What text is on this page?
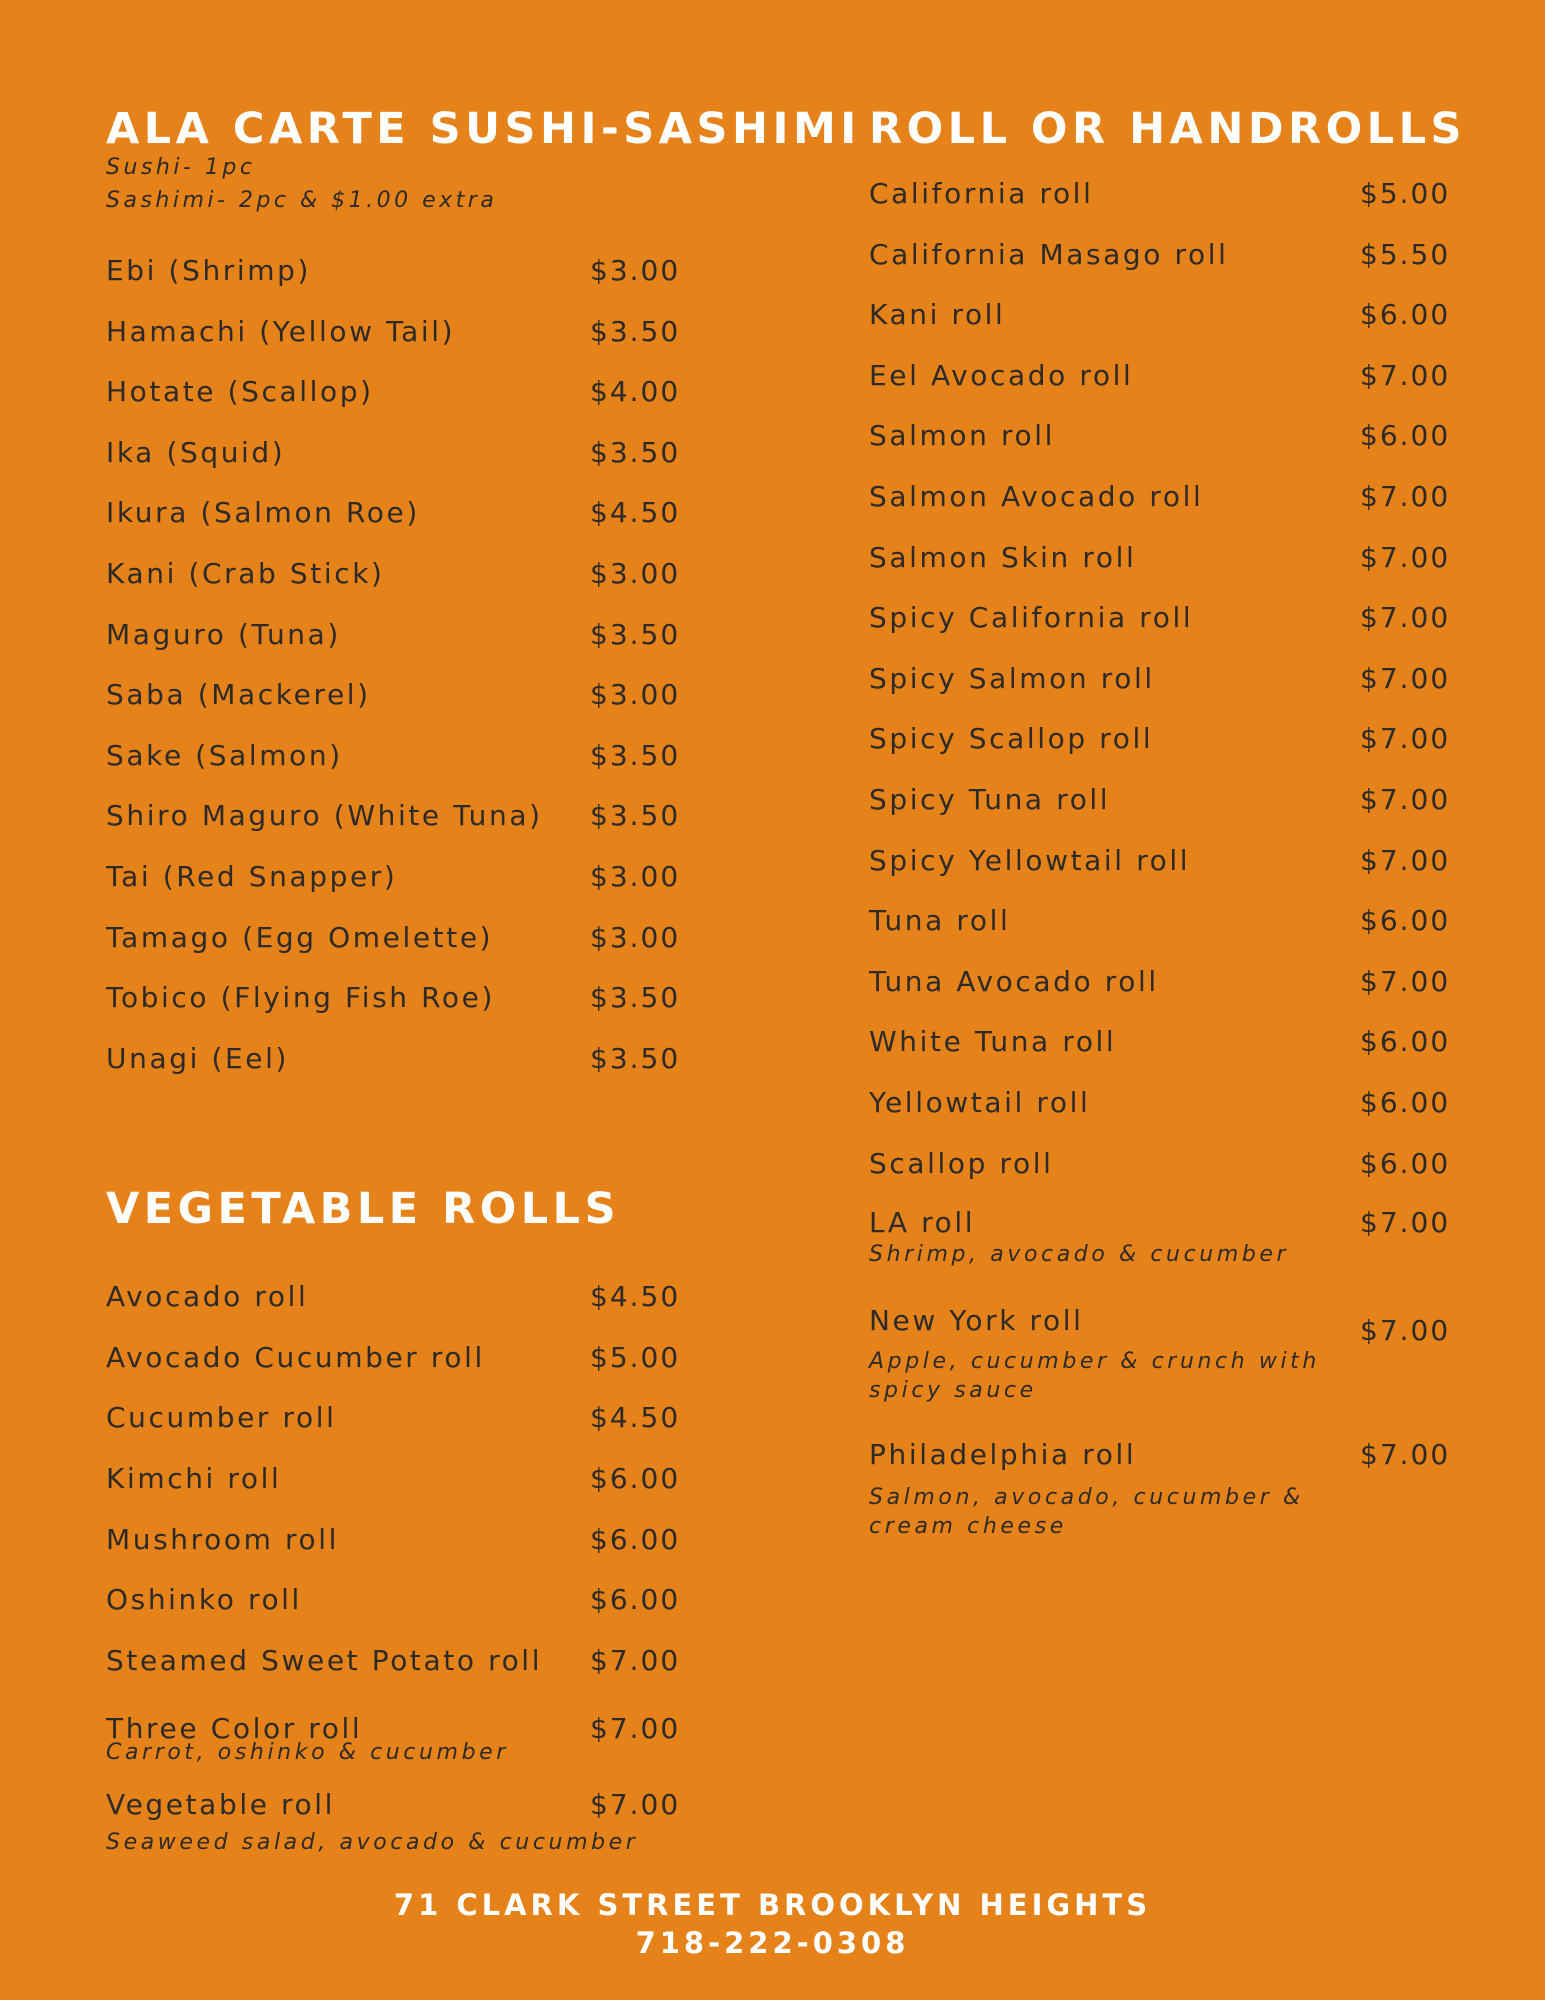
ALA CARTE SUSHI-SASHIMI
Sushi- 1pc
Sashimi- 2pc & $1.00 extra
Ebi (Shrimp)	$3.00
Hamachi (Yellow Tail)	$3.50
Hotate (Scallop)	$4.00
Ika (Squid)	$3.50
Ikura (Salmon Roe)	$4.50
Kani (Crab Stick)	$3.00
Maguro (Tuna)	$3.50
Saba (Mackerel)	$3.00
Sake (Salmon)	$3.50
Shiro Maguro (White Tuna) $3.50
Tai (Red Snapper)	$3.00
Tamago (Egg Omelette)	$3.00
Tobico (Flying Fish Roe)	$3.50
Unagi (Eel)	$3.50
VEGETABLE ROLLS
Avocado roll	$4.50
Avocado Cucumber roll	$5.00
Cucumber roll	$4.50
Kimchi roll	$6.00
Mushroom roll	$6.00
Oshinko roll	$6.00
Steamed Sweet Potato roll $7.00
Three Color roll	$7.00
Carrot, oshinko & cucumber
Vegetable roll	$7.00
Seaweed salad, avocado & cucumber
ROLL OR HANDROLLS
California roll	$5.00
California Masago roll	$5.50
Kani roll	$6.00
Eel Avocado roll	$7.00
Salmon roll	$6.00
Salmon Avocado roll	$7.00
Salmon Skin roll	$7.00
Spicy California roll	$7.00
Spicy Salmon roll	$7.00
Spicy Scallop roll	$7.00
Spicy Tuna roll	$7.00
Spicy Yellowtail roll	$7.00
Tuna roll	$6.00
Tuna Avocado roll	$7.00
White Tuna roll	$6.00
Yellowtail roll	$6.00
Scallop roll	$6.00
LA roll	$7.00
Shrimp, avocado & cucumber
New York roll	$7.00
Apple, cucumber & crunch with
spicy sauce
Philadelphia roll	$7.00
Salmon, avocado, cucumber &
cream cheese
71 CLARK STREET BROOKLYN HEIGHTS
718-222-0308
